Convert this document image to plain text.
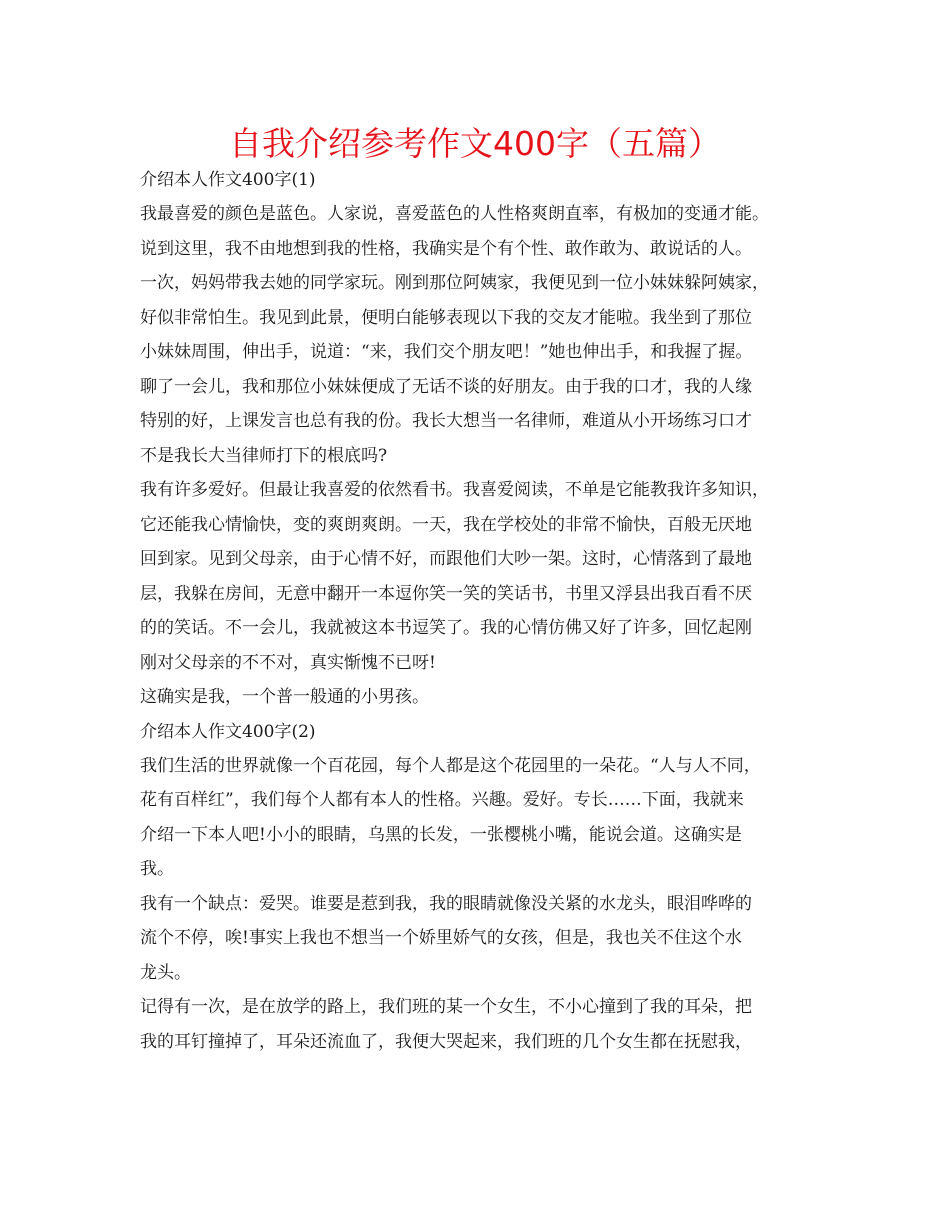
自我介绍参考作文400字（五篇）
介绍本人作文400字(1)
我最喜爱的颜色是蓝色。人家说，喜爱蓝色的人性格爽朗直率，有极加的变通才能。
说到这里，我不由地想到我的性格，我确实是个有个性、敢作敢为、敢说话的人。
一次，妈妈带我去她的同学家玩。刚到那位阿姨家，我便见到一位小妹妹躲阿姨家，
好似非常怕生。我见到此景，便明白能够表现以下我的交友才能啦。我坐到了那位
小妹妹周围，伸出手，说道：“来，我们交个朋友吧！”她也伸出手，和我握了握。
聊了一会儿，我和那位小妹妹便成了无话不谈的好朋友。由于我的口才，我的人缘
特别的好，上课发言也总有我的份。我长大想当一名律师，难道从小开场练习口才
不是我长大当律师打下的根底吗?
我有许多爱好。但最让我喜爱的依然看书。我喜爱阅读，不单是它能教我许多知识，
它还能我心情愉快，变的爽朗爽朗。一天，我在学校处的非常不愉快，百般无厌地
回到家。见到父母亲，由于心情不好，而跟他们大吵一架。这时，心情落到了最地
层，我躲在房间，无意中翻开一本逗你笑一笑的笑话书，书里又浮县出我百看不厌
的的笑话。不一会儿，我就被这本书逗笑了。我的心情仿佛又好了许多，回忆起刚
刚对父母亲的不不对，真实惭愧不已呀!
这确实是我，一个普一般通的小男孩。
介绍本人作文400字(2)
我们生活的世界就像一个百花园，每个人都是这个花园里的一朵花。“人与人不同，
花有百样红”，我们每个人都有本人的性格。兴趣。爱好。专长……下面，我就来
介绍一下本人吧!小小的眼睛，乌黑的长发，一张樱桃小嘴，能说会道。这确实是
我。
我有一个缺点：爱哭。谁要是惹到我，我的眼睛就像没关紧的水龙头，眼泪哗哗的
流个不停，唉!事实上我也不想当一个娇里娇气的女孩，但是，我也关不住这个水
龙头。
记得有一次，是在放学的路上，我们班的某一个女生，不小心撞到了我的耳朵，把
我的耳钉撞掉了，耳朵还流血了，我便大哭起来，我们班的几个女生都在抚慰我，
